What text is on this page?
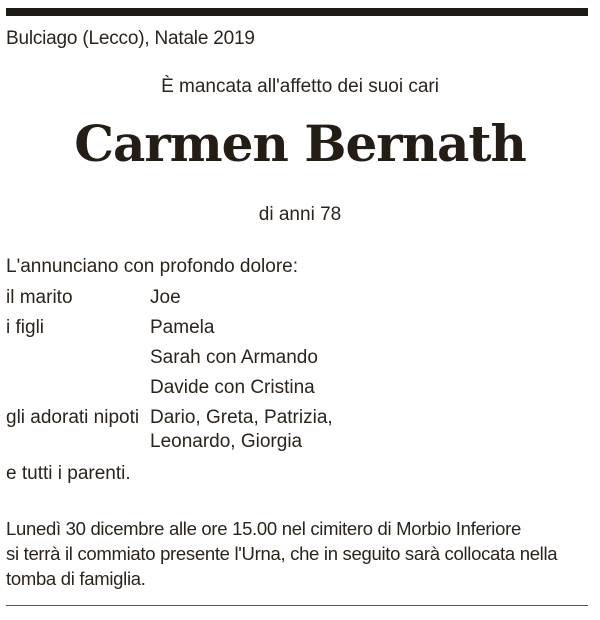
Bulciago (Lecco), Natale 2019
È mancata all'affetto dei suoi cari
Carmen Bernath
di anni 78
L'annunciano con profondo dolore:
il marito	Joe
i figli	Pamela
Sarah con Armando
Davide con Cristina
gli adorati nipoti Dario, Greta, Patrizia,
Leonardo, Giorgia
e tutti i parenti.
Lunedì 30 dicembre alle ore 15.00 nel cimitero di Morbio Inferiore
si terrà il commiato presente l'Urna, che in seguito sarà collocata nella
tomba di famiglia.
